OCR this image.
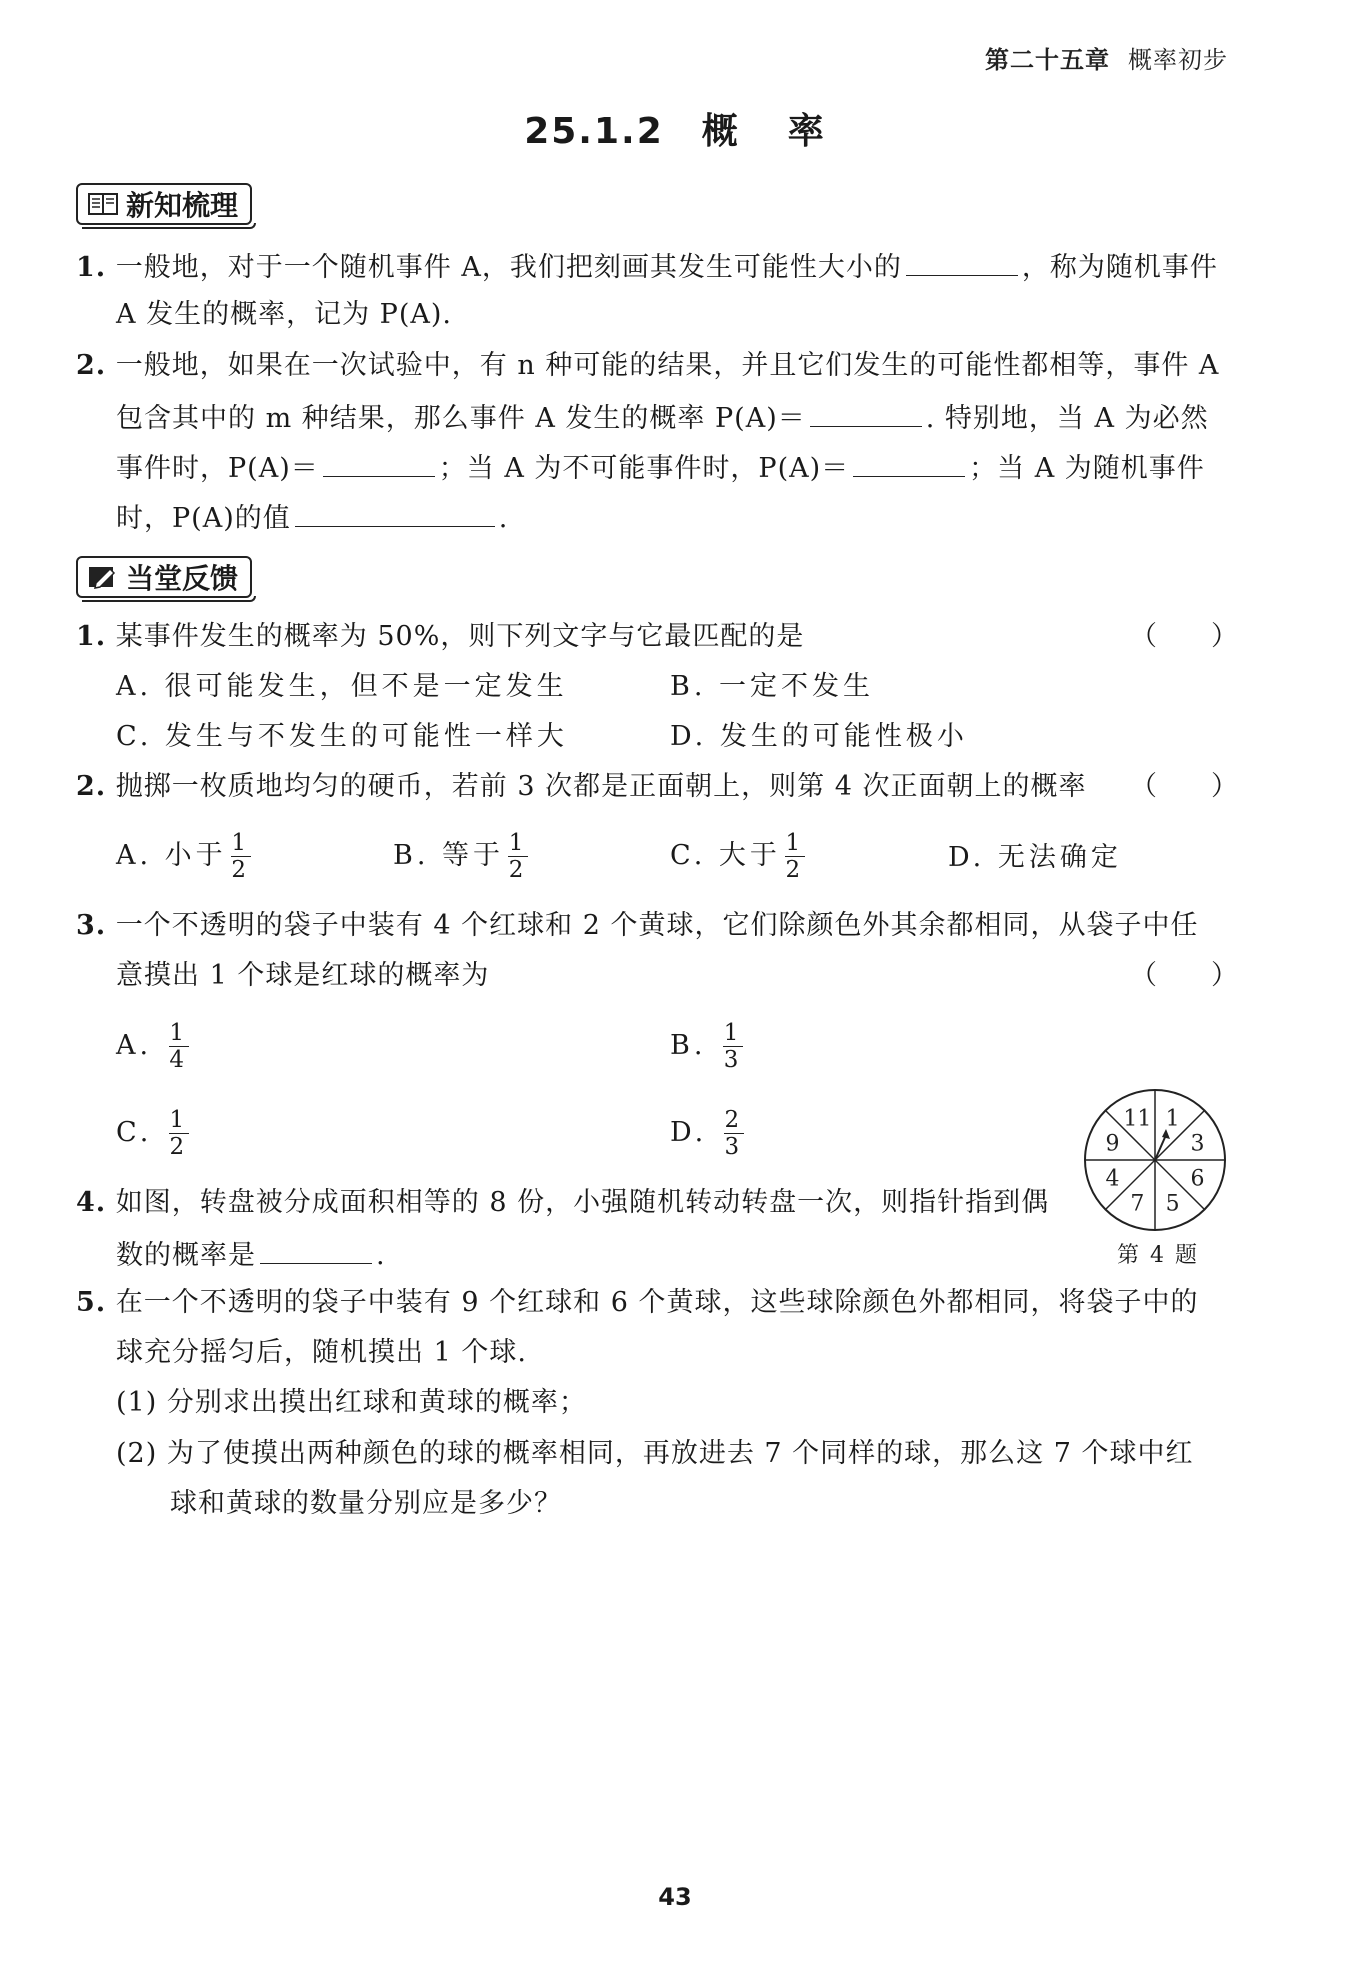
第二十五章 概率初步
25.1.2 概 率
新知梳理
1. 一般地，对于一个随机事件 A，我们把刻画其发生可能性大小的	，称为随机事件
A 发生的概率，记为 P(A).
2. 一般地，如果在一次试验中，有 n 种可能的结果，并且它们发生的可能性都相等，事件 A
包含其中的 m 种结果，那么事件 A 发生的概率 P(A)＝	. 特别地，当 A 为必然
事件时，P(A)＝	；当 A 为不可能事件时，P(A)＝	；当 A 为随机事件
时，P(A)的值	.
当堂反馈
1. 某事件发生的概率为 50%，则下列文字与它最匹配的是	（　　）
A. 很可能发生，但不是一定发生	B. 一定不发生
C. 发生与不发生的可能性一样大	D. 发生的可能性极小
2. 抛掷一枚质地均匀的硬币，若前 3 次都是正面朝上，则第 4 次正面朝上的概率 （　　）
A. 小于 $\frac{1}{2}$	B. 等于 $\frac{1}{2}$	C. 大于 $\frac{1}{2}$	D. 无法确定
3. 一个不透明的袋子中装有 4 个红球和 2 个黄球，它们除颜色外其余都相同，从袋子中任
意摸出 1 个球是红球的概率为	（　　）
A. $\frac{1}{4}$	B. $\frac{1}{3}$
C. $\frac{1}{2}$	D. $\frac{2}{3}$	1
3
6
5
7
4
9
11
4. 如图，转盘被分成面积相等的 8 份，小强随机转动转盘一次，则指针指到偶
数的概率是	.	第 4 题
5. 在一个不透明的袋子中装有 9 个红球和 6 个黄球，这些球除颜色外都相同，将袋子中的
球充分摇匀后，随机摸出 1 个球.
(1) 分别求出摸出红球和黄球的概率；
(2) 为了使摸出两种颜色的球的概率相同，再放进去 7 个同样的球，那么这 7 个球中红
球和黄球的数量分别应是多少？
43
